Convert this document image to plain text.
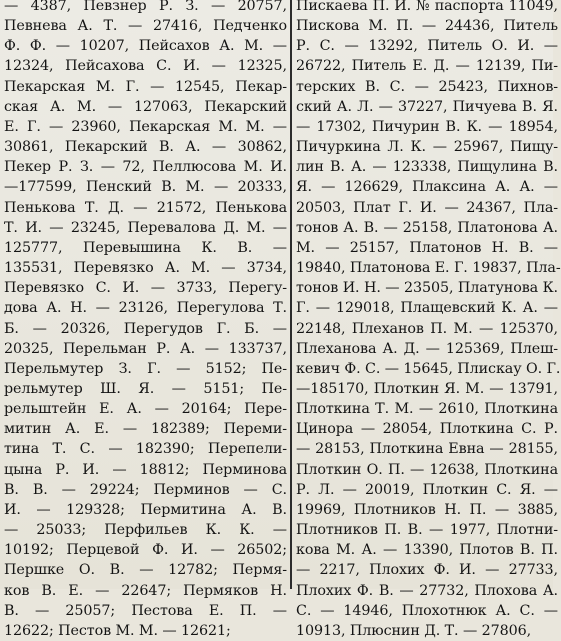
— 4387, Певзнер Р. З. — 20757,
Певнева А. Т. — 27416, Педченко
Ф. Ф. — 10207, Пейсахов А. М. —
12324, Пейсахова С. И. — 12325,
Пекарская М. Г. — 12545, Пекар-
ская А. М. — 127063, Пекарский
Е. Г. — 23960, Пекарская М. М. —
30861, Пекарский В. А. — 30862,
Пекер Р. З. — 72, Пеллюсова М. И.
—177599, Пенский В. М. — 20333,
Пенькова Т. Д. — 21572, Пенькова
Т. И. — 23245, Перевалова Д. М. —
125777, Перевышина К. В. —
135531, Перевязко А. М. — 3734,
Перевязко С. И. — 3733, Перегу-
дова А. Н. — 23126, Перегулова Т.
Б. — 20326, Перегудов Г. Б. —
20325, Перельман Р. А. — 133737,
Перельмутер З. Г. — 5152; Пе-
рельмутер Ш. Я. — 5151; Пе-
рельштейн Е. А. — 20164; Пере-
митин А. Е. — 182389; Переми-
тина Т. С. — 182390; Перепели-
цына Р. И. — 18812; Перминова
В. В. — 29224; Перминов — С.
И. — 129328; Пермитина А. В.
— 25033; Перфильев К. К. —
10192; Перцевой Ф. И. — 26502;
Першке О. В. — 12782; Пермя-
ков В. Е. — 22647; Пермяков Н.
В. — 25057; Пестова Е. П. —
12622; Пестов М. М. — 12621;
Пискаева П. И. № паспорта 11049,
Пискова М. П. — 24436, Питель
Р. С. — 13292, Питель О. И. —
26722, Питель Е. Д. — 12139, Пи-
терских В. С. — 25423, Пихнов-
ский А. Л. — 37227, Пичуева В. Я.
— 17302, Пичурин В. К. — 18954,
Пичуркина Л. К. — 25967, Пищу-
лин В. А. — 123338, Пищулина В.
Я. — 126629, Плаксина А. А. —
20503, Плат Г. И. — 24367, Пла-
тонов А. В. — 25158, Платонова А.
М. — 25157, Платонов Н. В. —
19840, Платонова Е. Г. 19837, Пла-
тонов И. Н. — 23505, Платунова К.
Г. — 129018, Плащевский К. А. —
22148, Плеханов П. М. — 125370,
Плеханова А. Д. — 125369, Плеш-
кевич Ф. С. — 15645, Плискау О. Г.
—185170, Плоткин Я. М. — 13791,
Плоткина Т. М. — 2610, Плоткина
Цинора — 28054, Плоткина С. Р.
— 28153, Плоткина Евна — 28155,
Плоткин О. П. — 12638, Плоткина
Р. Л. — 20019, Плоткин С. Я. —
19969, Плотников Н. П. — 3885,
Плотников П. В. — 1977, Плотни-
кова М. А. — 13390, Плотов В. П.
— 2217, Плохих Ф. И. — 27733,
Плохих Ф. В. — 27732, Плохова А.
С. — 14946, Плохотнюк А. С. —
10913, Плюснин Д. Т. — 27806,
